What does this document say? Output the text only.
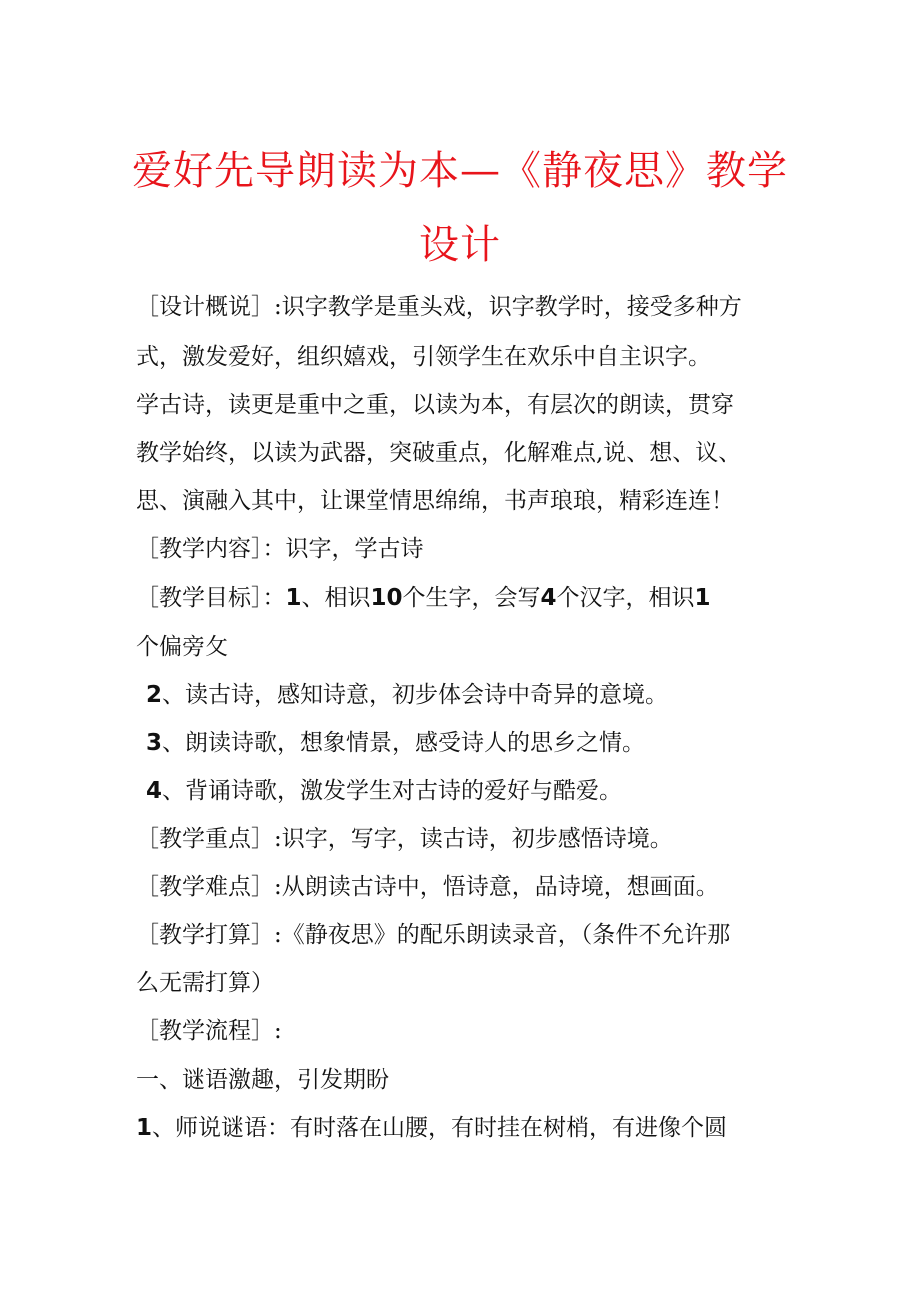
爱好先导朗读为本—《静夜思》教学
设计

［设计概说］:识字教学是重头戏，识字教学时，接受多种方

式，激发爱好，组织嬉戏，引领学生在欢乐中自主识字。

学古诗，读更是重中之重，以读为本，有层次的朗读，贯穿

教学始终，以读为武器，突破重点，化解难点,说、想、议、

思、演融入其中，让课堂情思绵绵，书声琅琅，精彩连连！

［教学内容］：识字，学古诗

［教学目标］：1、相识10个生字，会写4个汉字，相识1

个偏旁攵

2、读古诗，感知诗意，初步体会诗中奇异的意境。

3、朗读诗歌，想象情景，感受诗人的思乡之情。

4、背诵诗歌，激发学生对古诗的爱好与酷爱。

［教学重点］:识字，写字，读古诗，初步感悟诗境。

［教学难点］:从朗读古诗中，悟诗意，品诗境，想画面。

［教学打算］:《静夜思》的配乐朗读录音，（条件不允许那

么无需打算）

［教学流程］:

一、谜语激趣，引发期盼

1、师说谜语：有时落在山腰，有时挂在树梢，有进像个圆
